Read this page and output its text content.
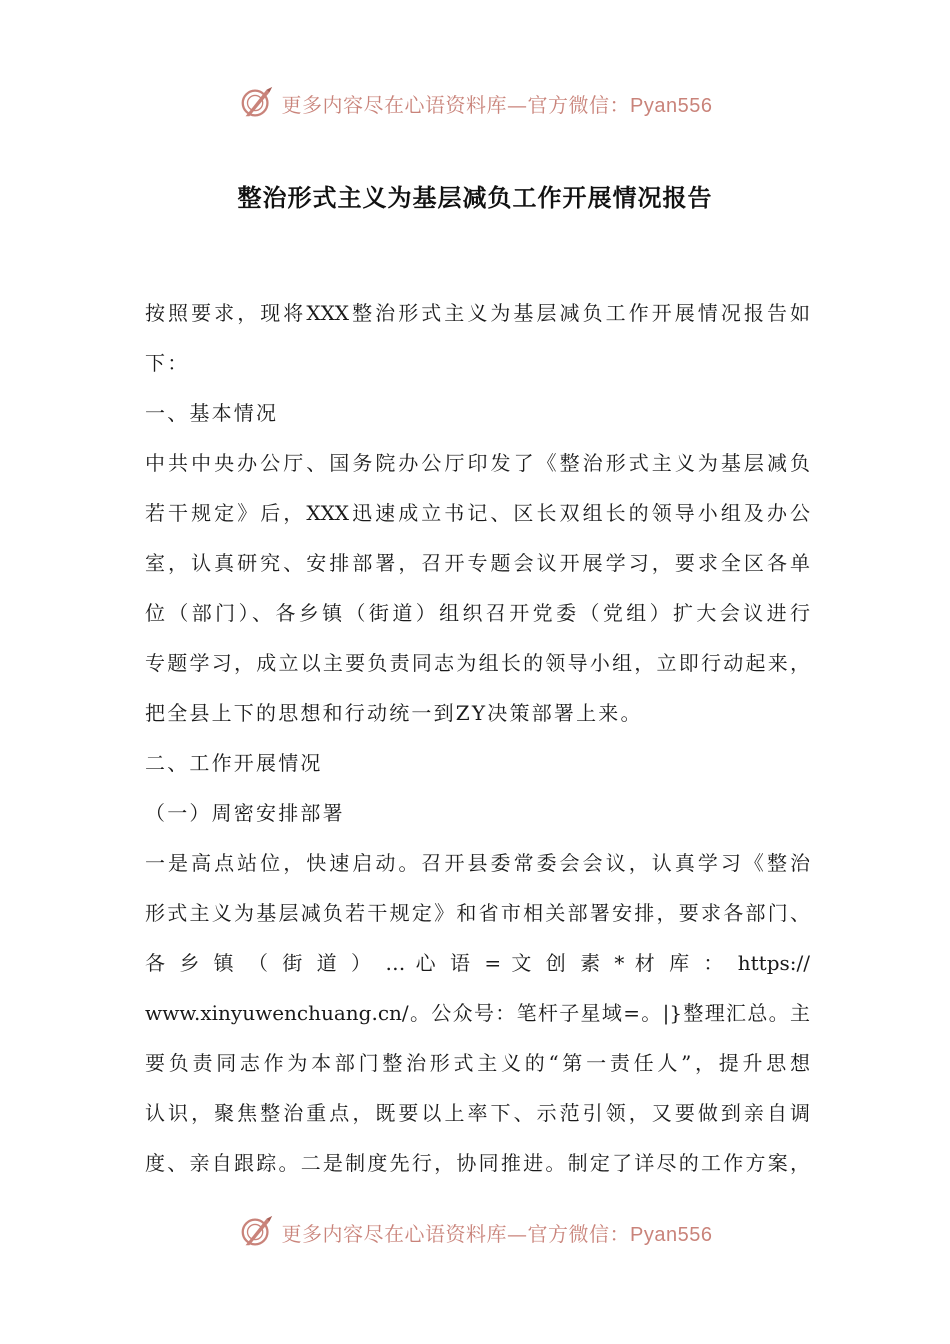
更多内容尽在心语资料库—官方微信：Pyan556
整治形式主义为基层减负工作开展情况报告
按照要求，现将XXX整治形式主义为基层减负工作开展情况报告如
下：
一、基本情况
中共中央办公厅、国务院办公厅印发了《整治形式主义为基层减负
若干规定》后，XXX迅速成立书记、区长双组长的领导小组及办公
室，认真研究、安排部署，召开专题会议开展学习，要求全区各单
位（部门）、各乡镇（街道）组织召开党委（党组）扩大会议进行
专题学习，成立以主要负责同志为组长的领导小组，立即行动起来，
把全县上下的思想和行动统一到ZY决策部署上来。
二、工作开展情况
（一）周密安排部署
一是高点站位，快速启动。召开县委常委会会议，认真学习《整治
形式主义为基层减负若干规定》和省市相关部署安排，要求各部门、
各 乡 镇 （ 街 道 ） … 心 语 = 文 创 素 * 材 库 ： https://
www.xinyuwenchuang.cn/。公众号：笔杆子星域=。|}整理汇总。主
要负责同志作为本部门整治形式主义的“第一责任人”，提升思想
认识，聚焦整治重点，既要以上率下、示范引领，又要做到亲自调
度、亲自跟踪。二是制度先行，协同推进。制定了详尽的工作方案，
更多内容尽在心语资料库—官方微信：Pyan556
